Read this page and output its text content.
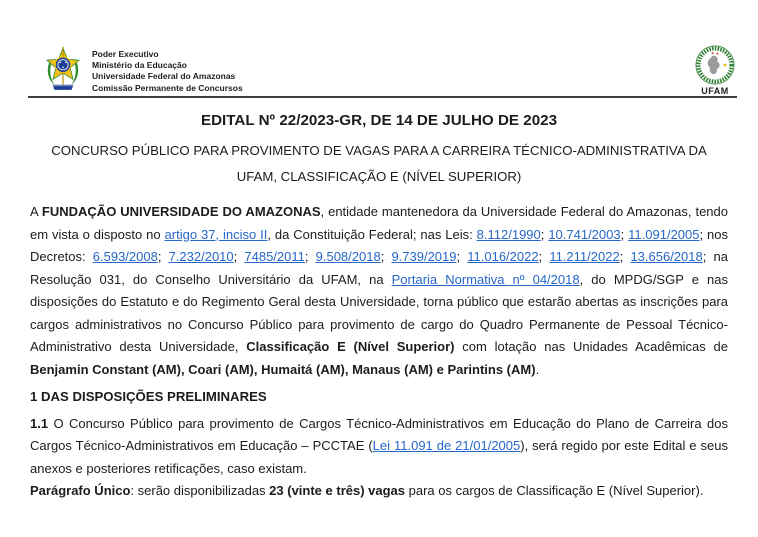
Poder Executivo
Ministério da Educação
Universidade Federal do Amazonas
Comissão Permanente de Concursos	UFAM
EDITAL Nº 22/2023-GR, DE 14 DE JULHO DE 2023
CONCURSO PÚBLICO PARA PROVIMENTO DE VAGAS PARA A CARREIRA TÉCNICO-ADMINISTRATIVA DA
UFAM, CLASSIFICAÇÃO E (NÍVEL SUPERIOR)

A FUNDAÇÃO UNIVERSIDADE DO AMAZONAS, entidade mantenedora da Universidade Federal do Amazonas, tendo em vista o disposto no artigo 37, inciso II, da Constituição Federal; nas Leis: 8.112/1990; 10.741/2003; 11.091/2005; nos Decretos: 6.593/2008; 7.232/2010; 7485/2011; 9.508/2018; 9.739/2019; 11.016/2022; 11.211/2022; 13.656/2018; na Resolução 031, do Conselho Universitário da UFAM, na Portaria Normativa nº 04/2018, do MPDG/SGP e nas disposições do Estatuto e do Regimento Geral desta Universidade, torna público que estarão abertas as inscrições para cargos administrativos no Concurso Público para provimento de cargo do Quadro Permanente de Pessoal Técnico-Administrativo desta Universidade, Classificação E (Nível Superior) com lotação nas Unidades Acadêmicas de Benjamin Constant (AM), Coari (AM), Humaitá (AM), Manaus (AM) e Parintins (AM).

1 DAS DISPOSIÇÕES PRELIMINARES

1.1 O Concurso Público para provimento de Cargos Técnico-Administrativos em Educação do Plano de Carreira dos Cargos Técnico-Administrativos em Educação – PCCTAE (Lei 11.091 de 21/01/2005), será regido por este Edital e seus anexos e posteriores retificações, caso existam.

Parágrafo Único: serão disponibilizadas 23 (vinte e três) vagas para os cargos de Classificação E (Nível Superior).
